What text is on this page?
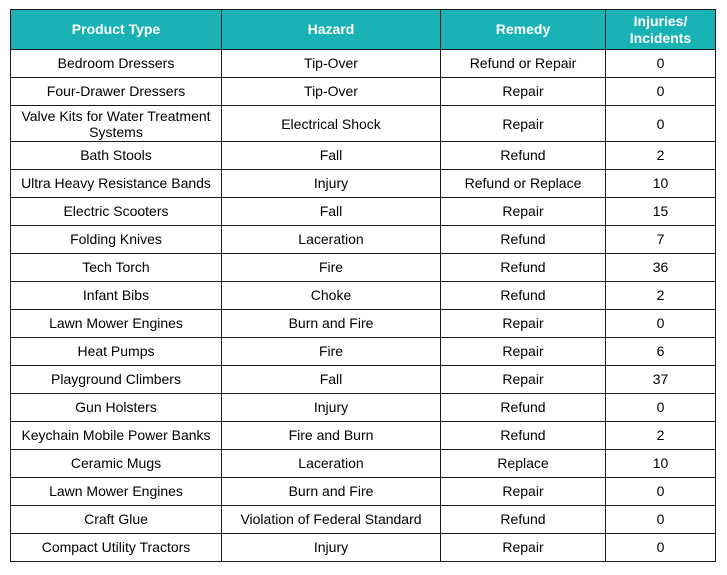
Product Type	Hazard	Remedy	Injuries/
Incidents
Bedroom Dressers	Tip-Over	Refund or Repair	0
Four-Drawer Dressers	Tip-Over	Repair	0
Valve Kits for Water Treatment Systems	Electrical Shock	Repair	0
Bath Stools	Fall	Refund	2
Ultra Heavy Resistance Bands	Injury	Refund or Replace	10
Electric Scooters	Fall	Repair	15
Folding Knives	Laceration	Refund	7
Tech Torch	Fire	Refund	36
Infant Bibs	Choke	Refund	2
Lawn Mower Engines	Burn and Fire	Repair	0
Heat Pumps	Fire	Repair	6
Playground Climbers	Fall	Repair	37
Gun Holsters	Injury	Refund	0
Keychain Mobile Power Banks	Fire and Burn	Refund	2
Ceramic Mugs	Laceration	Replace	10
Lawn Mower Engines	Burn and Fire	Repair	0
Craft Glue	Violation of Federal Standard	Refund	0
Compact Utility Tractors	Injury	Repair	0
